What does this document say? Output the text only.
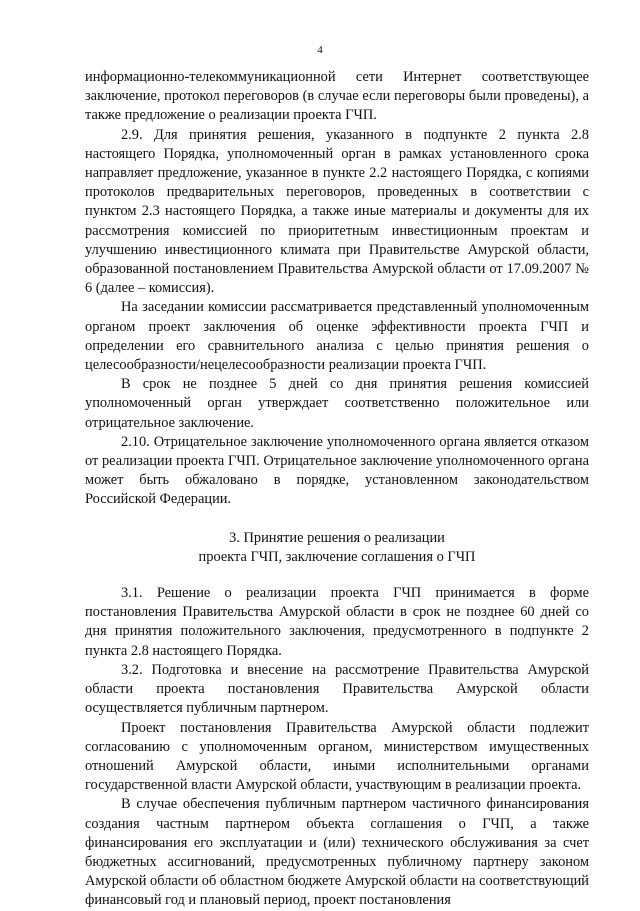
4

информационно-телекоммуникационной сети Интернет соответствующее заключение, протокол переговоров (в случае если переговоры были проведены), а также предложение о реализации проекта ГЧП.

2.9. Для принятия решения, указанного в подпункте 2 пункта 2.8 настоящего Порядка, уполномоченный орган в рамках установленного срока направляет предложение, указанное в пункте 2.2 настоящего Порядка, с копиями протоколов предварительных переговоров, проведенных в соответствии с пунктом 2.3 настоящего Порядка, а также иные материалы и документы для их рассмотрения комиссией по приоритетным инвестиционным проектам и улучшению инвестиционного климата при Правительстве Амурской области, образованной постановлением Правительства Амурской области от 17.09.2007 № 6 (далее – комиссия).

На заседании комиссии рассматривается представленный уполномоченным органом проект заключения об оценке эффективности проекта ГЧП и определении его сравнительного анализа с целью принятия решения о целесообразности/нецелесообразности реализации проекта ГЧП.

В срок не позднее 5 дней со дня принятия решения комиссией уполномоченный орган утверждает соответственно положительное или отрицательное заключение.

2.10. Отрицательное заключение уполномоченного органа является отказом от реализации проекта ГЧП. Отрицательное заключение уполномоченного органа может быть обжаловано в порядке, установленном законодательством Российской Федерации.

3. Принятие решения о реализации
проекта ГЧП, заключение соглашения о ГЧП

3.1. Решение о реализации проекта ГЧП принимается в форме постановления Правительства Амурской области в срок не позднее 60 дней со дня принятия положительного заключения, предусмотренного в подпункте 2 пункта 2.8 настоящего Порядка.

3.2. Подготовка и внесение на рассмотрение Правительства Амурской области проекта постановления Правительства Амурской области осуществляется публичным партнером.

Проект постановления Правительства Амурской области подлежит согласованию с уполномоченным органом, министерством имущественных отношений Амурской области, иными исполнительными органами государственной власти Амурской области, участвующим в реализации проекта.

В случае обеспечения публичным партнером частичного финансирования создания частным партнером объекта соглашения о ГЧП, а также финансирования его эксплуатации и (или) технического обслуживания за счет бюджетных ассигнований, предусмотренных публичному партнеру законом Амурской области об областном бюджете Амурской области на соответствующий финансовый год и плановый период, проект постановления
